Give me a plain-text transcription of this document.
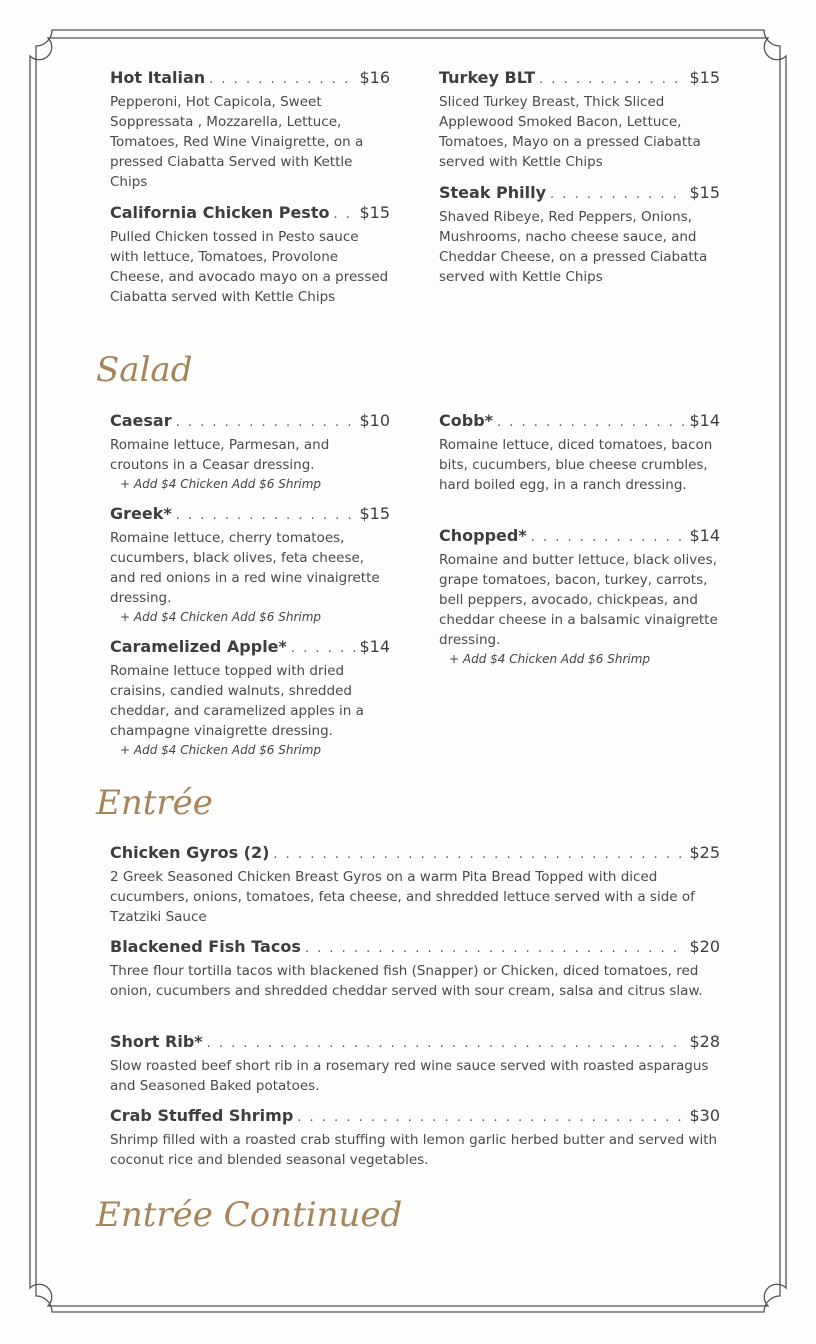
Hot Italian . . .	$16
Pepperoni, Hot Capicola, Sweet Soppressata , Mozzarella, Lettuce, Tomatoes, Red Wine Vinaigrette, on a pressed Ciabatta Served with Kettle Chips
California Chicken Pesto . . . $15
Pulled Chicken tossed in Pesto sauce with lettuce, Tomatoes, Provolone Cheese, and avocado mayo on a pressed Ciabatta served with Kettle Chips
Turkey BLT . . .	$15
Sliced Turkey Breast, Thick Sliced Applewood Smoked Bacon, Lettuce, Tomatoes, Mayo on a pressed Ciabatta served with Kettle Chips
Steak Philly . . .	$15
Shaved Ribeye, Red Peppers, Onions, Mushrooms, nacho cheese sauce, and Cheddar Cheese, on a pressed Ciabatta served with Kettle Chips
Salad
Caesar . . .	$10
Romaine lettuce, Parmesan, and croutons in a Ceasar dressing.
+ Add $4 Chicken Add $6 Shrimp
Greek* . . .	$15
Romaine lettuce, cherry tomatoes, cucumbers, black olives, feta cheese, and red onions in a red wine vinaigrette dressing.
+ Add $4 Chicken Add $6 Shrimp
Caramelized Apple* . . .	$14
Romaine lettuce topped with dried craisins, candied walnuts, shredded cheddar, and caramelized apples in a champagne vinaigrette dressing.
+ Add $4 Chicken Add $6 Shrimp
Cobb* . . .	$14
Romaine lettuce, diced tomatoes, bacon bits, cucumbers, blue cheese crumbles, hard boiled egg, in a ranch dressing.
Chopped* . . .	$14
Romaine and butter lettuce, black olives, grape tomatoes, bacon, turkey, carrots, bell peppers, avocado, chickpeas, and cheddar cheese in a balsamic vinaigrette dressing.
+ Add $4 Chicken Add $6 Shrimp
Entrée
Chicken Gyros (2) . . .	$25
2 Greek Seasoned Chicken Breast Gyros on a warm Pita Bread Topped with diced cucumbers, onions, tomatoes, feta cheese, and shredded lettuce served with a side of Tzatziki Sauce
Blackened Fish Tacos . . .	$20
Three flour tortilla tacos with blackened fish (Snapper) or Chicken, diced tomatoes, red onion, cucumbers and shredded cheddar served with sour cream, salsa and citrus slaw.
Short Rib* . . .	$28
Slow roasted beef short rib in a rosemary red wine sauce served with roasted asparagus and Seasoned Baked potatoes.
Crab Stuffed Shrimp . . .	$30
Shrimp filled with a roasted crab stuffing with lemon garlic herbed butter and served with coconut rice and blended seasonal vegetables.
Entrée Continued
